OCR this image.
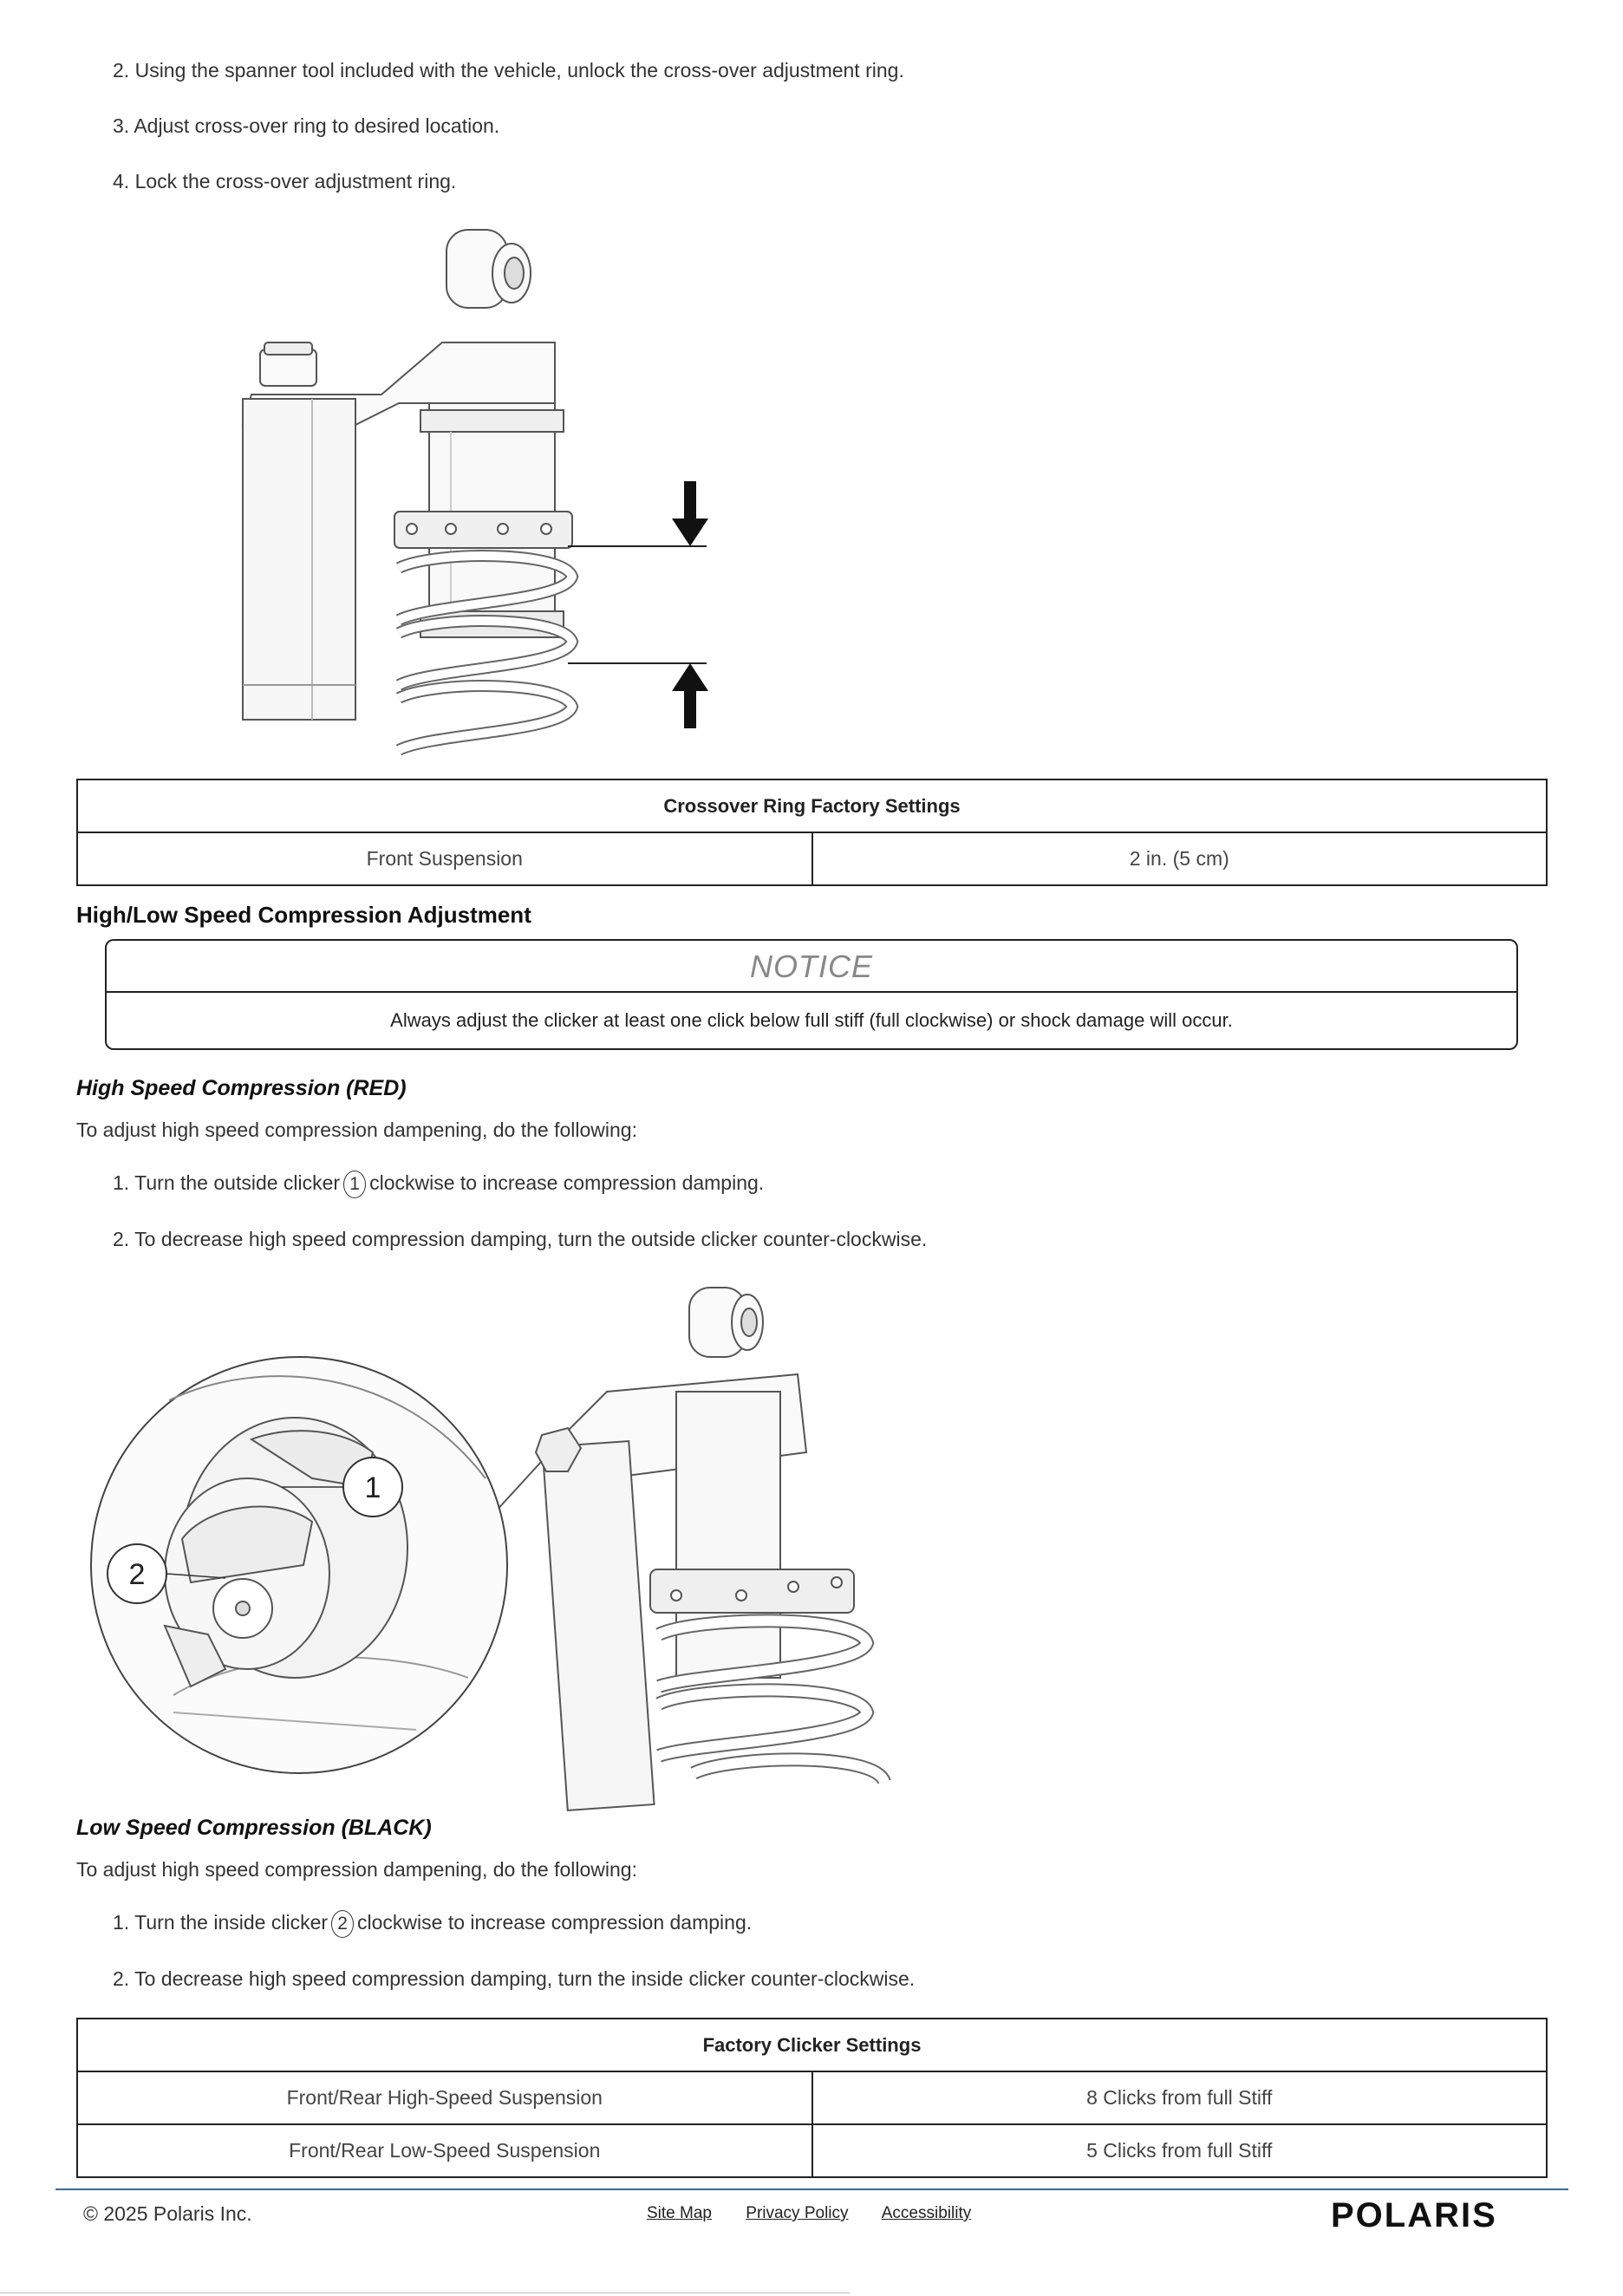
2. Using the spanner tool included with the vehicle, unlock the cross-over adjustment ring.
3. Adjust cross-over ring to desired location.
4. Lock the cross-over adjustment ring.
Crossover Ring Factory Settings
Front Suspension	2 in. (5 cm)
High/Low Speed Compression Adjustment
NOTICE
Always adjust the clicker at least one click below full stiff (full clockwise) or shock damage will occur.
High Speed Compression (RED)
To adjust high speed compression dampening, do the following:
1. Turn the outside clicker 1 clockwise to increase compression damping.
2. To decrease high speed compression damping, turn the outside clicker counter-clockwise.
1
2
Low Speed Compression (BLACK)
To adjust high speed compression dampening, do the following:
1. Turn the inside clicker 2 clockwise to increase compression damping.
2. To decrease high speed compression damping, turn the inside clicker counter-clockwise.
Factory Clicker Settings	
Front/Rear High-Speed Suspension	8 Clicks from full Stiff
Front/Rear Low-Speed Suspension	5 Clicks from full Stiff
© 2025 Polaris Inc.	Site Map Privacy Policy Accessibility	POLARIS
